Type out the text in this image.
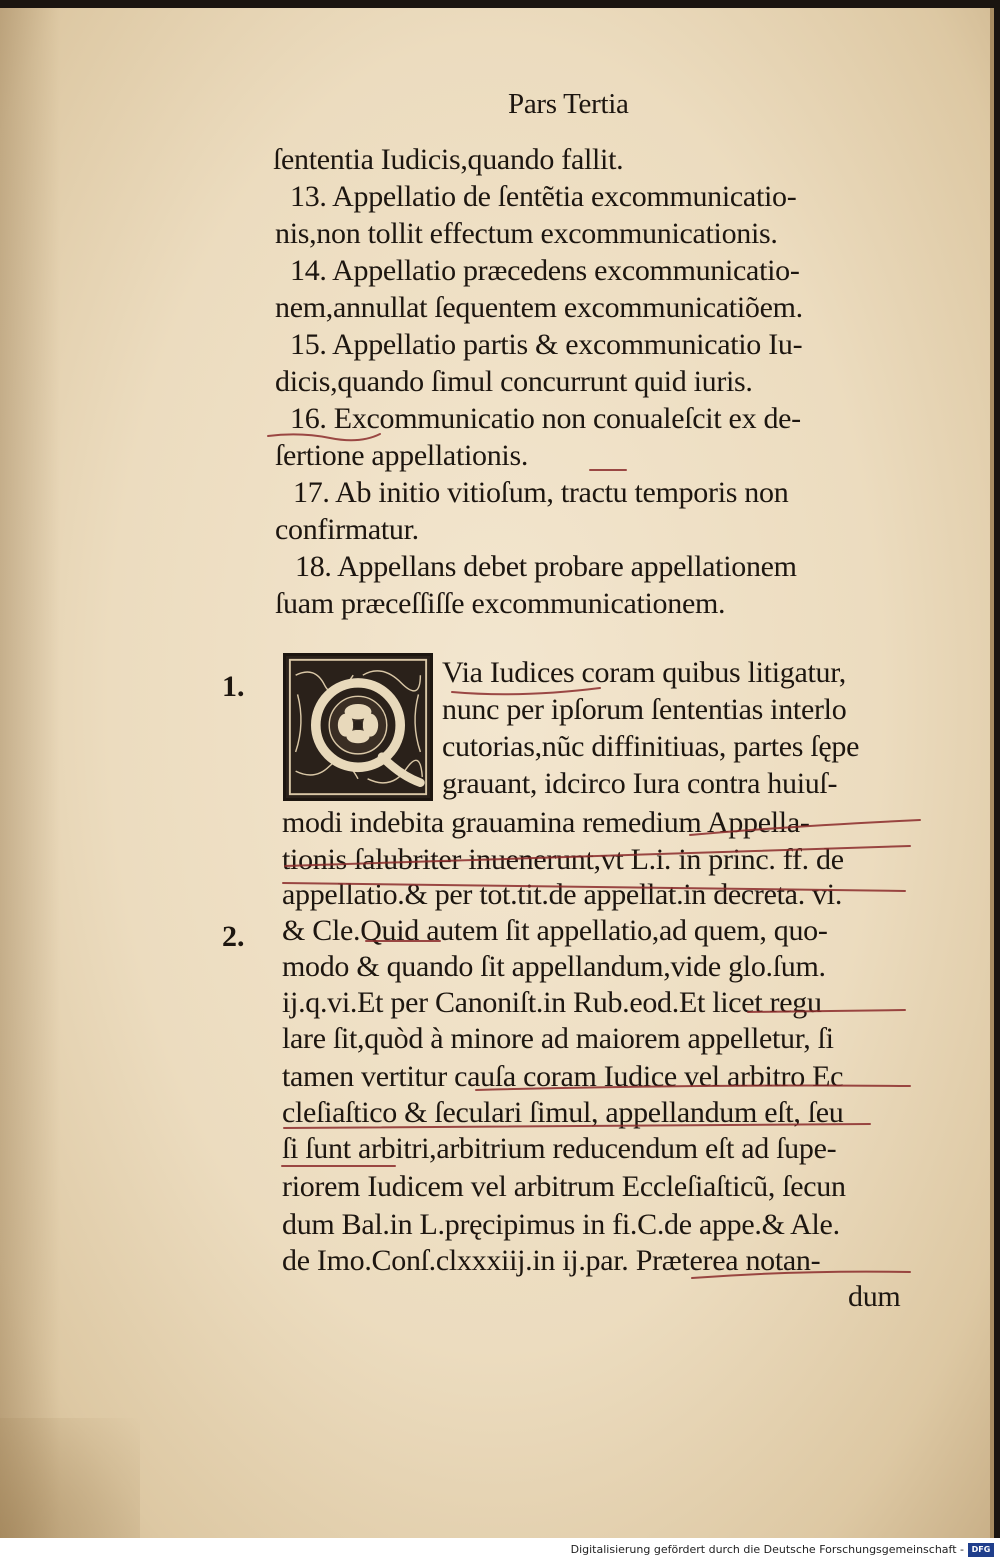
Pars Tertia
ſententia Iudicis,quando fallit.
13. Appellatio de ſentẽtia excommunicatio-
nis,non tollit effectum excommunicationis.
14. Appellatio præcedens excommunicatio-
nem,annullat ſequentem excommunicatiõem.
15. Appellatio partis & excommunicatio Iu-
dicis,quando ſimul concurrunt quid iuris.
16. Excommunicatio non conualeſcit ex de-
ſertione appellationis.
17. Ab initio vitioſum, tractu temporis non
confirmatur.
18. Appellans debet probare appellationem
ſuam præceſſiſſe excommunicationem.
1.
2.
Via Iudices coram quibus litigatur,
nunc per ipſorum ſententias interlo
cutorias,nũc diffinitiuas, partes ſępe
grauant, idcirco Iura contra huiuſ-
modi indebita grauamina remedium Appella-
tionis ſalubriter inuenerunt,vt L.i. in princ. ff. de
appellatio.& per tot.tit.de appellat.in decreta. vi.
& Cle.Quid autem ſit appellatio,ad quem, quo-
modo & quando ſit appellandum,vide glo.ſum.
ij.q.vi.Et per Canoniſt.in Rub.eod.Et licet regu
lare ſit,quòd à minore ad maiorem appelletur, ſi
tamen vertitur cauſa coram Iudice vel arbitro Ec
cleſiaſtico & ſeculari ſimul, appellandum eſt, ſeu
ſi ſunt arbitri,arbitrium reducendum eſt ad ſupe-
riorem Iudicem vel arbitrum Eccleſiaſticũ, ſecun
dum Bal.in L.pręcipimus in fi.C.de appe.& Ale.
de Imo.Conſ.clxxxiij.in ij.par. Præterea notan-
dum
Digitalisierung gefördert durch die Deutsche Forschungsgemeinschaft - DFG
